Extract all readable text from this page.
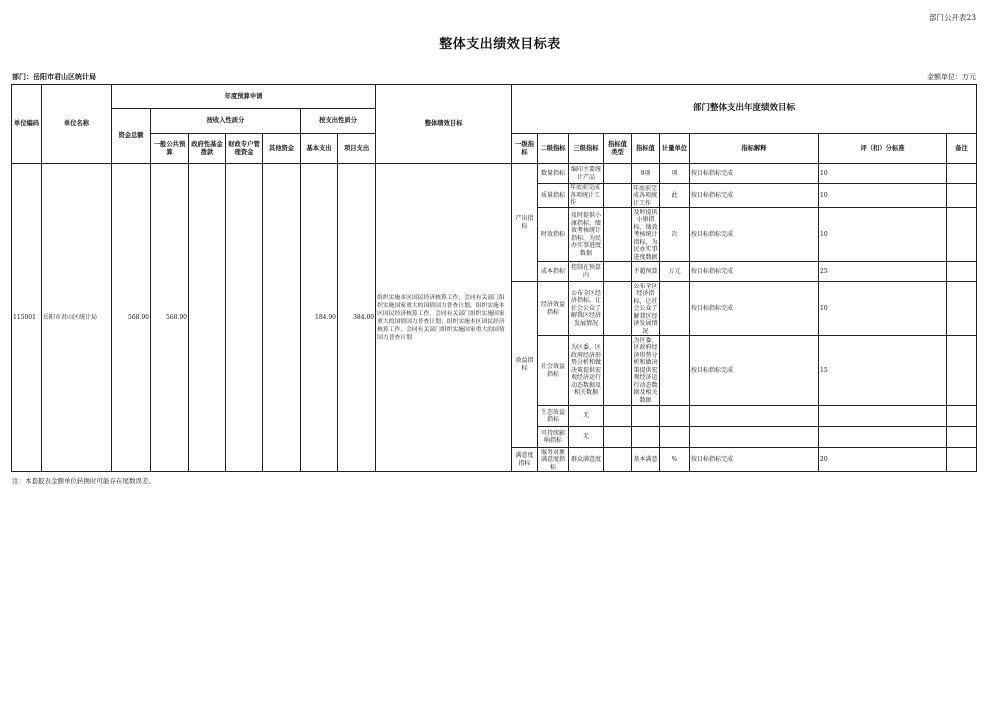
部门公开表23
整体支出绩效目标表
部门：岳阳市君山区统计局	金额单位：万元
单位编码	单位名称	年度预算申请							整体绩效目标
		资金总额	按收入性质分				按支出性质分		
			一般公共预算	政府性基金拨款	财政专户管理资金	其他资金	基本支出	项目支出	
115001	岳阳市君山区统计局	568.90	568.90				184.90	384.00	组织实施本区国民经济核算工作，会同有关部门组织实施国家重大的国情国力普查计划，组织实施本区国民经济核算工作，会同有关部门组织实施国家重大的国情国力普查计划；组织实施本区国民经济核算工作，会同有关部门组织实施国家重大的国情国力普查计划
部门整体支出年度绩效目标								
一级指标	二级指标	三级指标	指标值类型	指标值	计量单位	指标解释	评（扣）分标准	备注
产出指标	数量指标	编印主要统计产品		9项	项	按目标指标完成	10	
	质量指标	年底前完成各项统计工作		年底前完成各项统计工作	此	按目标指标完成	10	
	时效指标	及时提供小康指标、绩效考核统计指标，为民办实事进度数据		及时提供小康指标、绩效考核统计指标，为民办实事进度数据	次	按目标指标完成	10	
	成本指标	控制在预算内		不超预算	万元	按目标指标完成	25	
效益指标	经济效益指标	公布全区经济指标，让社会公众了解我区经济发展情况		公布全区经济指标，让社会公众了解我区经济发展情况		按目标指标完成	10	
	社会效益指标	为区委、区政府经济形势分析和做决策提供宏观经济运行动态数据及相关数据		为区委、区政府经济形势分析和做决策提供宏观经济运行动态数据及相关数据		按目标指标完成	15	
	生态效益指标	无						
	可持续影响指标	无						
满意度指标	服务对象满意度指标	群众满意度		基本满意	%	按目标指标完成	20	
注：本套报表金额单位转换时可能存在尾数误差。
